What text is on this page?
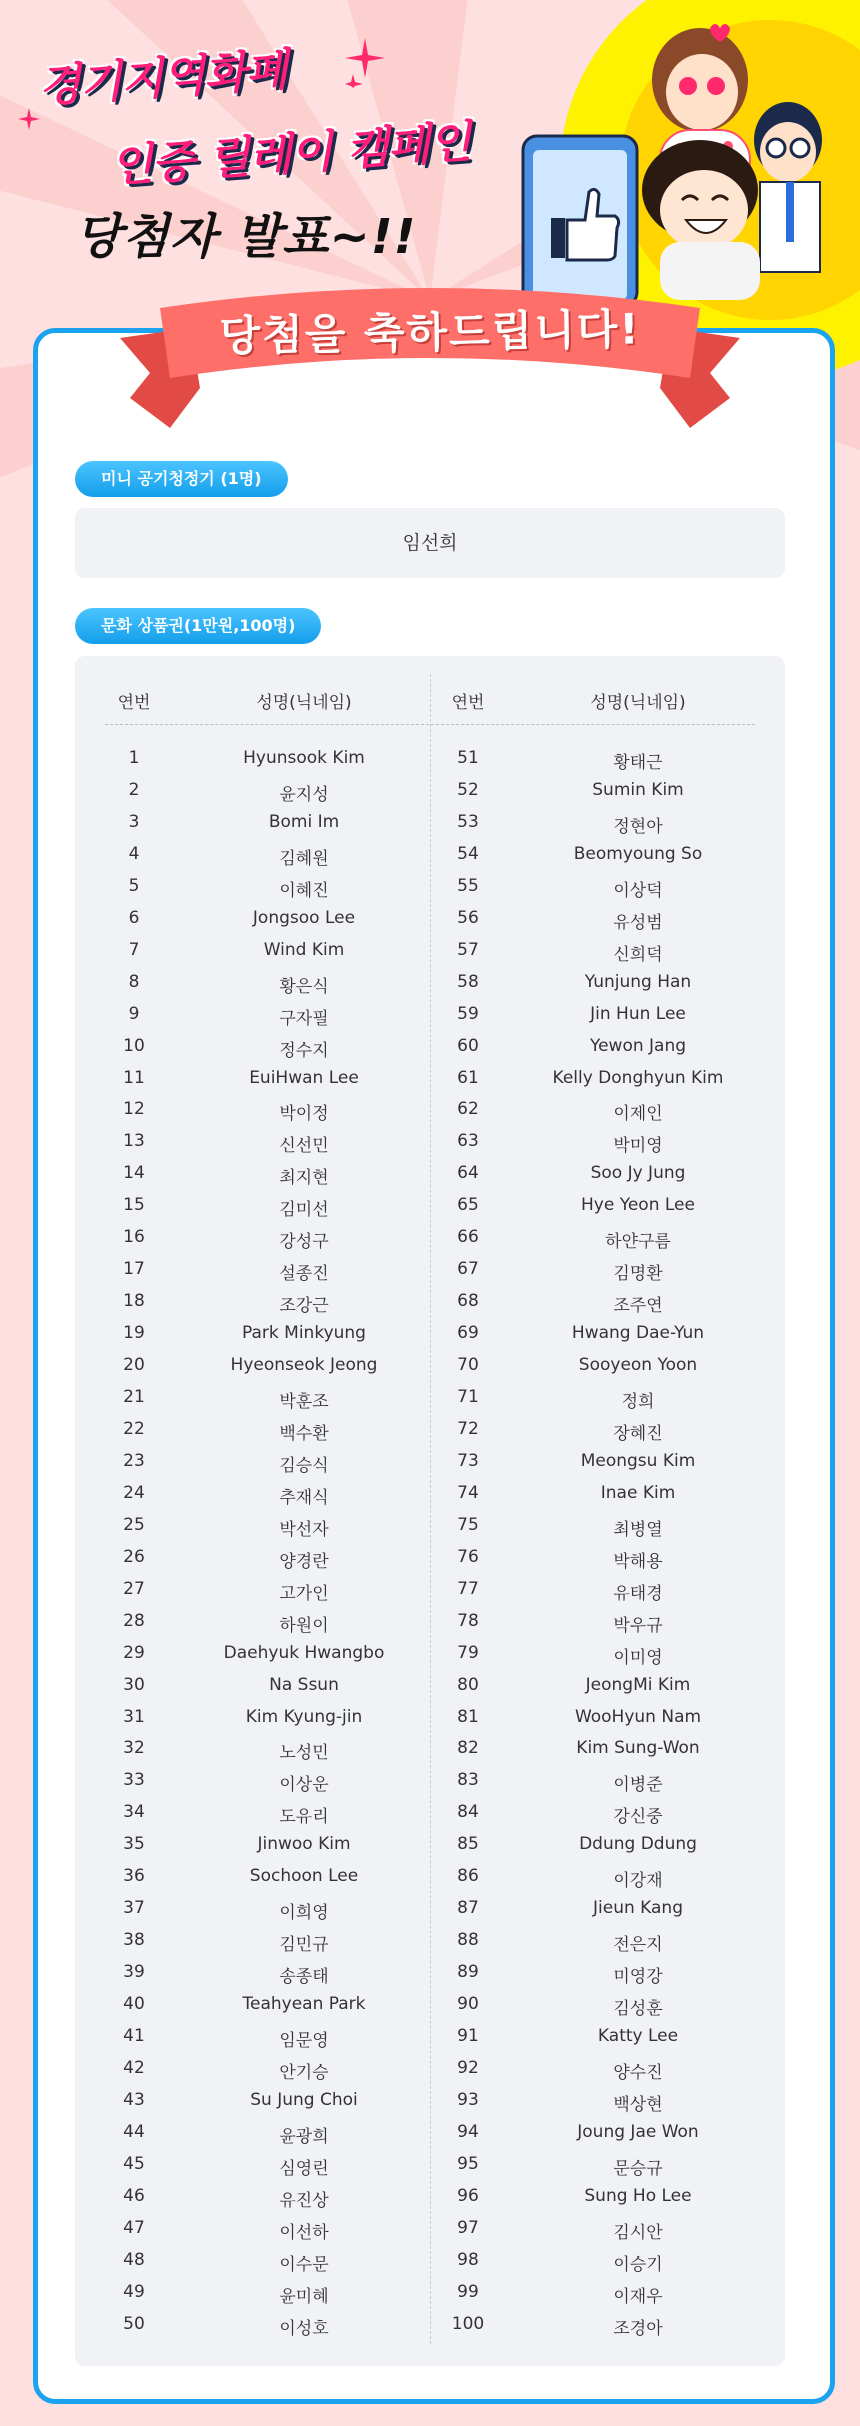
경기지역화폐
인증 릴레이 캠페인
당첨자 발표~!!
당첨을 축하드립니다!
미니 공기청정기 (1명)
임선희
문화 상품권(1만원,100명)
연번	성명(닉네임)
1	Hyunsook Kim
2	윤지성
3	Bomi Im
4	김혜원
5	이혜진
6	Jongsoo Lee
7	Wind Kim
8	황은식
9	구자필
10	정수지
11	EuiHwan Lee
12	박이정
13	신선민
14	최지현
15	김미선
16	강성구
17	설종진
18	조강근
19	Park Minkyung
20	Hyeonseok Jeong
21	박훈조
22	백수환
23	김승식
24	추재식
25	박선자
26	양경란
27	고가인
28	하원이
29	Daehyuk Hwangbo
30	Na Ssun
31	Kim Kyung-jin
32	노성민
33	이상운
34	도유리
35	Jinwoo Kim
36	Sochoon Lee
37	이희영
38	김민규
39	송종태
40	Teahyean Park
41	임문영
42	안기승
43	Su Jung Choi
44	윤광희
45	심영린
46	유진상
47	이선하
48	이수문
49	윤미혜
50	이성호
연번	성명(닉네임)
51	황태근
52	Sumin Kim
53	정현아
54	Beomyoung So
55	이상덕
56	유성범
57	신희덕
58	Yunjung Han
59	Jin Hun Lee
60	Yewon Jang
61	Kelly Donghyun Kim
62	이제인
63	박미영
64	Soo Jy Jung
65	Hye Yeon Lee
66	하얀구름
67	김명환
68	조주연
69	Hwang Dae-Yun
70	Sooyeon Yoon
71	정희
72	장혜진
73	Meongsu Kim
74	Inae Kim
75	최병열
76	박해용
77	유태경
78	박우규
79	이미영
80	JeongMi Kim
81	WooHyun Nam
82	Kim Sung-Won
83	이병준
84	강신중
85	Ddung Ddung
86	이강재
87	Jieun Kang
88	전은지
89	미영강
90	김성훈
91	Katty Lee
92	양수진
93	백상현
94	Joung Jae Won
95	문승규
96	Sung Ho Lee
97	김시안
98	이승기
99	이재우
100	조경아
